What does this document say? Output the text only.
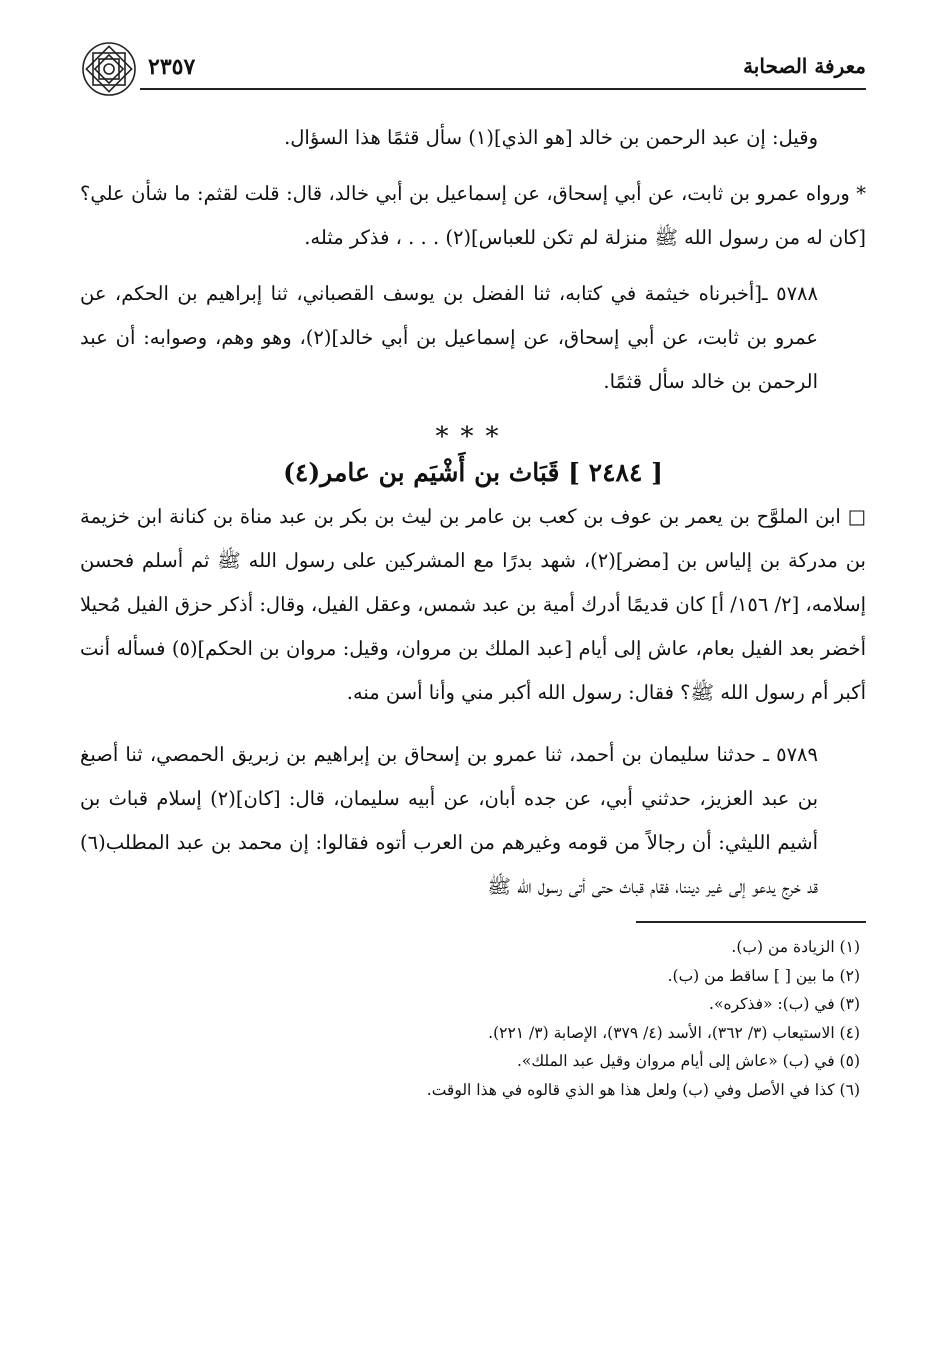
معرفة الصحابة
٢٣٥٧

وقيل: إن عبد الرحمن بن خالد [هو الذي](١) سأل قثمًا هذا السؤال.

* ورواه عمرو بن ثابت، عن أبي إسحاق، عن إسماعيل بن أبي خالد، قال: قلت لقثم: ما شأن علي؟ [كان له من رسول الله ﷺ منزلة لم تكن للعباس](٢) . . . ، فذكر مثله.

٥٧٨٨ ـ[أخبرناه خيثمة في كتابه، ثنا الفضل بن يوسف القصباني، ثنا إبراهيم بن الحكم، عن عمرو بن ثابت، عن أبي إسحاق، عن إسماعيل بن أبي خالد](٢)، وهو وهم، وصوابه: أن عبد الرحمن بن خالد سأل قثمًا.

***
[ ٢٤٨٤ ] قَبَاث بن أَشْيَم بن عامر(٤)

□ ابن الملوَّح بن يعمر بن عوف بن كعب بن عامر بن ليث بن بكر بن عبد مناة بن كنانة ابن خزيمة بن مدركة بن إلياس بن [مضر](٢)، شهد بدرًا مع المشركين على رسول الله ﷺ ثم أسلم فحسن إسلامه، [٢/ ١٥٦/ أ] كان قديمًا أدرك أمية بن عبد شمس، وعقل الفيل، وقال: أذكر حزق الفيل مُحيلا أخضر بعد الفيل بعام، عاش إلى أيام [عبد الملك بن مروان، وقيل: مروان بن الحكم](٥) فسأله أنت أكبر أم رسول الله ﷺ؟ فقال: رسول الله أكبر مني وأنا أسن منه.

٥٧٨٩ ـ حدثنا سليمان بن أحمد، ثنا عمرو بن إسحاق بن إبراهيم بن زبريق الحمصي، ثنا أصبغ بن عبد العزيز، حدثني أبي، عن جده أبان، عن أبيه سليمان، قال: [كان](٢) إسلام قباث بن أشيم الليثي: أن رجالاً من قومه وغيرهم من العرب أتوه فقالوا: إن محمد بن عبد المطلب(٦) قد خرج يدعو إلى غير ديننا، فقام قباث حتى أتى رسول الله ﷺ

(١) الزيادة من (ب).
(٢) ما بين [ ] ساقط من (ب).
(٣) في (ب): «فذكره».
(٤) الاستيعاب (٣/ ٣٦٢)، الأسد (٤/ ٣٧٩)، الإصابة (٣/ ٢٢١).
(٥) في (ب) «عاش إلى أيام مروان وقيل عبد الملك».
(٦) كذا في الأصل وفي (ب) ولعل هذا هو الذي قالوه في هذا الوقت.
